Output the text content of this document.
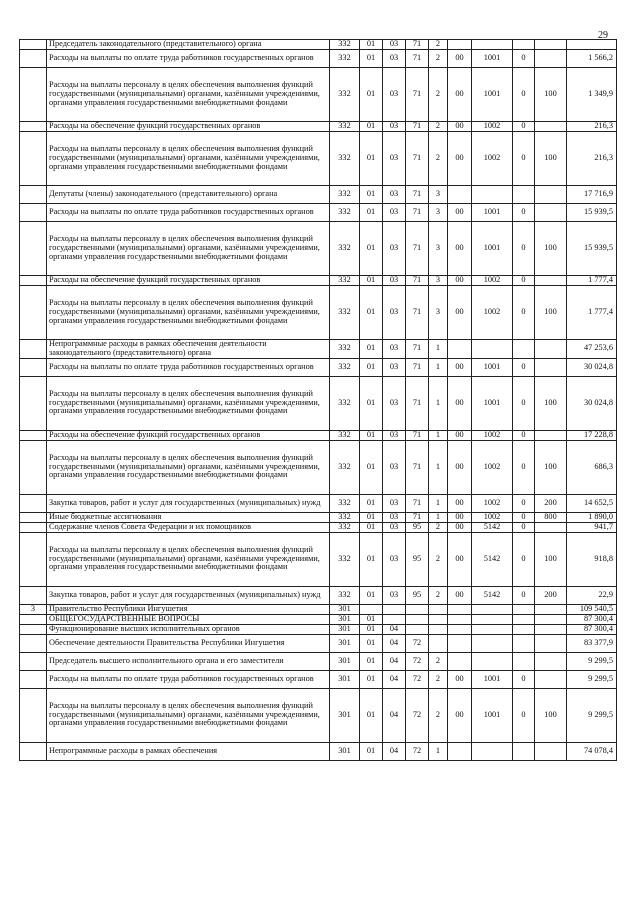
29
	Председатель законодательного (представительного) органа	332	01	03	71	2					
	Расходы на выплаты по оплате труда работников государственных органов	332	01	03	71	2	00	1001	0		1 566,2
	Расходы на выплаты персоналу в целях обеспечения выполнения функций государственными (муниципальными) органами, казёнными учреждениями, органами управления государственными внебюджетными фондами	332	01	03	71	2	00	1001	0	100	1 349,9
	Расходы на обеспечение функций государственных органов	332	01	03	71	2	00	1002	0		216,3
	Расходы на выплаты персоналу в целях обеспечения выполнения функций государственными (муниципальными) органами, казёнными учреждениями, органами управления государственными внебюджетными фондами	332	01	03	71	2	00	1002	0	100	216,3
	Депутаты (члены) законодательного (представительного) органа	332	01	03	71	3					17 716,9
	Расходы на выплаты по оплате труда работников государственных органов	332	01	03	71	3	00	1001	0		15 939,5
	Расходы на выплаты персоналу в целях обеспечения выполнения функций государственными (муниципальными) органами, казёнными учреждениями, органами управления государственными внебюджетными фондами	332	01	03	71	3	00	1001	0	100	15 939,5
	Расходы на обеспечение функций государственных органов	332	01	03	71	3	00	1002	0		1 777,4
	Расходы на выплаты персоналу в целях обеспечения выполнения функций государственными (муниципальными) органами, казёнными учреждениями, органами управления государственными внебюджетными фондами	332	01	03	71	3	00	1002	0	100	1 777,4
	Непрограммные расходы в рамках обеспечения деятельности законодательного (представительного) органа	332	01	03	71	1					47 253,6
	Расходы на выплаты по оплате труда работников государственных органов	332	01	03	71	1	00	1001	0		30 024,8
	Расходы на выплаты персоналу в целях обеспечения выполнения функций государственными (муниципальными) органами, казёнными учреждениями, органами управления государственными внебюджетными фондами	332	01	03	71	1	00	1001	0	100	30 024,8
	Расходы на обеспечение функций государственных органов	332	01	03	71	1	00	1002	0		17 228,8
	Расходы на выплаты персоналу в целях обеспечения выполнения функций государственными (муниципальными) органами, казёнными учреждениями, органами управления государственными внебюджетными фондами	332	01	03	71	1	00	1002	0	100	686,3
	Закупка товаров, работ и услуг для государственных (муниципальных) нужд	332	01	03	71	1	00	1002	0	200	14 652,5
	Иные бюджетные ассигнования	332	01	03	71	1	00	1002	0	800	1 890,0
	Содержание членов Совета Федерации и их помощников	332	01	03	95	2	00	5142	0		941,7
	Расходы на выплаты персоналу в целях обеспечения выполнения функций государственными (муниципальными) органами, казёнными учреждениями, органами управления государственными внебюджетными фондами	332	01	03	95	2	00	5142	0	100	918,8
	Закупка товаров, работ и услуг для государственных (муниципальных) нужд	332	01	03	95	2	00	5142	0	200	22,9
3	Правительство Республики Ингушетия	301									109 540,5
	ОБЩЕГОСУДАРСТВЕННЫЕ ВОПРОСЫ	301	01								87 300,4
	Функционирование высших исполнительных органов	301	01	04							87 300,4
	Обеспечение деятельности Правительства Республики Ингушетия	301	01	04	72						83 377,9
	Председатель высшего исполнительного органа и его заместители	301	01	04	72	2					9 299,5
	Расходы на выплаты по оплате труда работников государственных органов	301	01	04	72	2	00	1001	0		9 299,5
	Расходы на выплаты персоналу в целях обеспечения выполнения функций государственными (муниципальными) органами, казёнными учреждениями, органами управления государственными внебюджетными фондами	301	01	04	72	2	00	1001	0	100	9 299,5
	Непрограммные расходы в рамках обеспечения	301	01	04	72	1					74 078,4
